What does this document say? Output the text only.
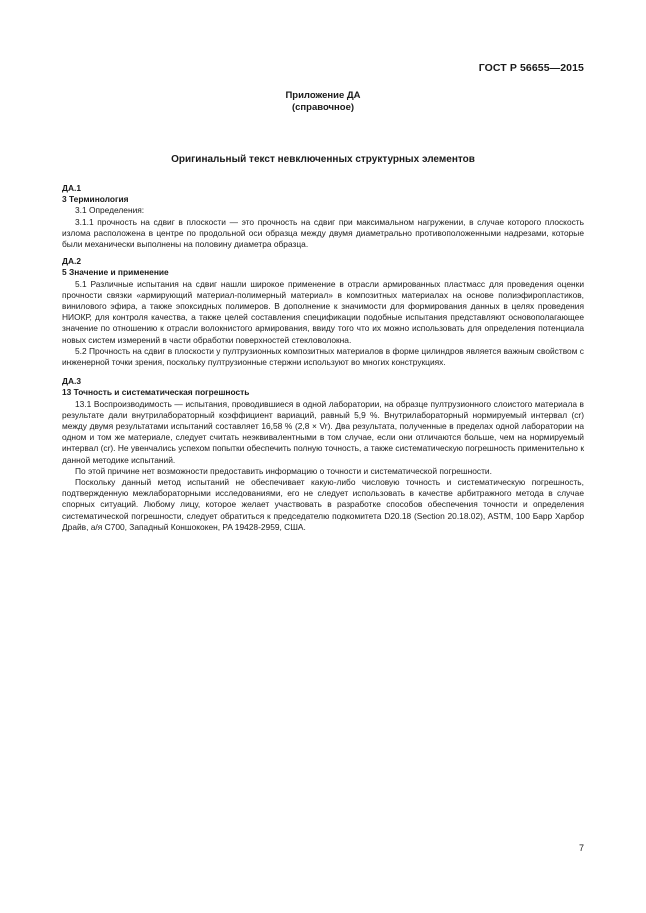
ГОСТ Р 56655—2015
Приложение ДА
(справочное)
Оригинальный текст невключенных структурных элементов
ДА.1
3 Терминология

3.1 Определения:

3.1.1 прочность на сдвиг в плоскости — это прочность на сдвиг при максимальном нагружении, в случае которого плоскость излома расположена в центре по продольной оси образца между двумя диаметрально противоположенными надрезами, которые были механически выполнены на половину диаметра образца.

ДА.2
5 Значение и применение

5.1 Различные испытания на сдвиг нашли широкое применение в отрасли армированных пластмасс для проведения оценки прочности связки «армирующий материал-полимерный материал» в композитных материалах на основе полиэфиропластиков, винилового эфира, а также эпоксидных полимеров. В дополнение к значимости для формирования данных в целях проведения НИОКР, для контроля качества, а также целей составления спецификации подобные испытания представляют основополагающее значение по отношению к отрасли волокнистого армирования, ввиду того что их можно использовать для определения потенциала новых систем измерений в части обработки поверхностей стекловолокна.

5.2 Прочность на сдвиг в плоскости у пултрузионных композитных материалов в форме цилиндров является важным свойством с инженерной точки зрения, поскольку пултрузионные стержни используют во многих конструкциях.

ДА.3
13 Точность и систематическая погрешность

13.1 Воспроизводимость — испытания, проводившиеся в одной лаборатории, на образце пултрузионного слоистого материала в результате дали внутрилабораторный коэффициент вариаций, равный 5,9 %. Внутрилабораторный нормируемый интервал (cr) между двумя результатами испытаний составляет 16,58 % (2,8 × Vr). Два результата, полученные в пределах одной лаборатории на одном и том же материале, следует считать неэквивалентными в том случае, если они отличаются больше, чем на нормируемый интервал (cr). Не увенчались успехом попытки обеспечить полную точность, а также систематическую погрешность применительно к данной методике испытаний.

По этой причине нет возможности предоставить информацию о точности и систематической погрешности.

Поскольку данный метод испытаний не обеспечивает какую-либо числовую точность и систематическую погрешность, подтвержденную межлабораторными исследованиями, его не следует использовать в качестве арбитражного метода в случае спорных ситуаций. Любому лицу, которое желает участвовать в разработке способов обеспечения точности и определения систематической погрешности, следует обратиться к председателю подкомитета D20.18 (Section 20.18.02), ASTM, 100 Барр Харбор Драйв, а/я С700, Западный Коншококен, PA 19428-2959, США.

7
